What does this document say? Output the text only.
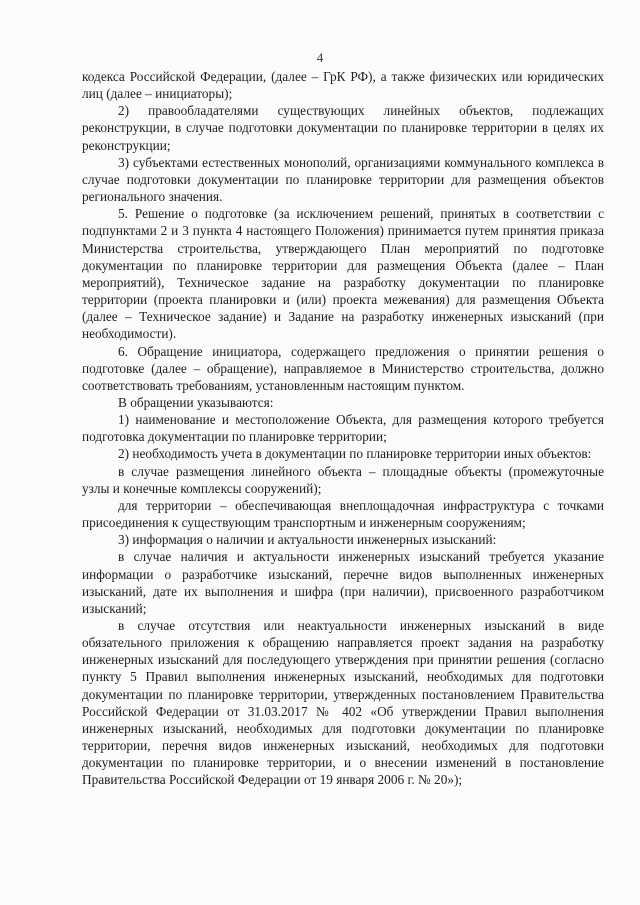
4

кодекса Российской Федерации, (далее – ГрК РФ), а также физических или юридических лиц (далее – инициаторы);

2) правообладателями существующих линейных объектов, подлежащих реконструкции, в случае подготовки документации по планировке территории в целях их реконструкции;

3) субъектами естественных монополий, организациями коммунального комплекса в случае подготовки документации по планировке территории для размещения объектов регионального значения.

5. Решение о подготовке (за исключением решений, принятых в соответствии с подпунктами 2 и 3 пункта 4 настоящего Положения) принимается путем принятия приказа Министерства строительства, утверждающего План мероприятий по подготовке документации по планировке территории для размещения Объекта (далее – План мероприятий), Техническое задание на разработку документации по планировке территории (проекта планировки и (или) проекта межевания) для размещения Объекта (далее – Техническое задание) и Задание на разработку инженерных изысканий (при необходимости).

6. Обращение инициатора, содержащего предложения о принятии решения о подготовке (далее – обращение), направляемое в Министерство строительства, должно соответствовать требованиям, установленным настоящим пунктом.

В обращении указываются:

1) наименование и местоположение Объекта, для размещения которого требуется подготовка документации по планировке территории;

2) необходимость учета в документации по планировке территории иных объектов:

в случае размещения линейного объекта – площадные объекты (промежуточные узлы и конечные комплексы сооружений);

для территории – обеспечивающая внеплощадочная инфраструктура с точками присоединения к существующим транспортным и инженерным сооружениям;

3) информация о наличии и актуальности инженерных изысканий:

в случае наличия и актуальности инженерных изысканий требуется указание информации о разработчике изысканий, перечне видов выполненных инженерных изысканий, дате их выполнения и шифра (при наличии), присвоенного разработчиком изысканий;

в случае отсутствия или неактуальности инженерных изысканий в виде обязательного приложения к обращению направляется проект задания на разработку инженерных изысканий для последующего утверждения при принятии решения (согласно пункту 5 Правил выполнения инженерных изысканий, необходимых для подготовки документации по планировке территории, утвержденных постановлением Правительства Российской Федерации от 31.03.2017 № 402 «Об утверждении Правил выполнения инженерных изысканий, необходимых для подготовки документации по планировке территории, перечня видов инженерных изысканий, необходимых для подготовки документации по планировке территории, и о внесении изменений в постановление Правительства Российской Федерации от 19 января 2006 г. № 20»);
